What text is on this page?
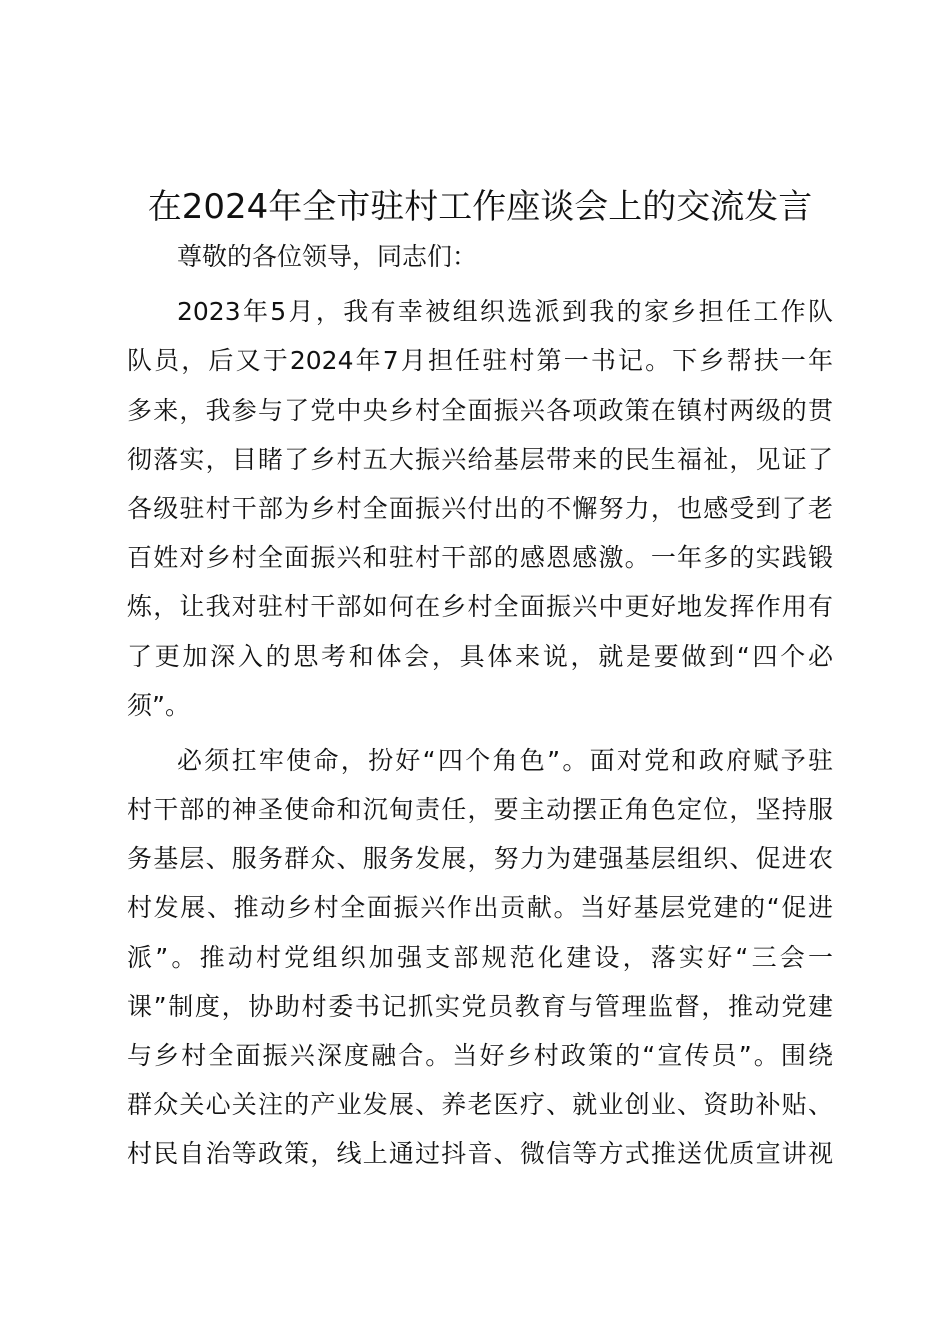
在2024年全市驻村工作座谈会上的交流发言
尊敬的各位领导，同志们：
2023年5月，我有幸被组织选派到我的家乡担任工作队
队员，后又于2024年7月担任驻村第一书记。下乡帮扶一年
多来，我参与了党中央乡村全面振兴各项政策在镇村两级的贯
彻落实，目睹了乡村五大振兴给基层带来的民生福祉，见证了
各级驻村干部为乡村全面振兴付出的不懈努力，也感受到了老
百姓对乡村全面振兴和驻村干部的感恩感激。一年多的实践锻
炼，让我对驻村干部如何在乡村全面振兴中更好地发挥作用有
了更加深入的思考和体会，具体来说，就是要做到“四个必
须”。
必须扛牢使命，扮好“四个角色”。面对党和政府赋予驻
村干部的神圣使命和沉甸责任，要主动摆正角色定位，坚持服
务基层、服务群众、服务发展，努力为建强基层组织、促进农
村发展、推动乡村全面振兴作出贡献。当好基层党建的“促进
派”。推动村党组织加强支部规范化建设，落实好“三会一
课”制度，协助村委书记抓实党员教育与管理监督，推动党建
与乡村全面振兴深度融合。当好乡村政策的“宣传员”。围绕
群众关心关注的产业发展、养老医疗、就业创业、资助补贴、
村民自治等政策，线上通过抖音、微信等方式推送优质宣讲视
